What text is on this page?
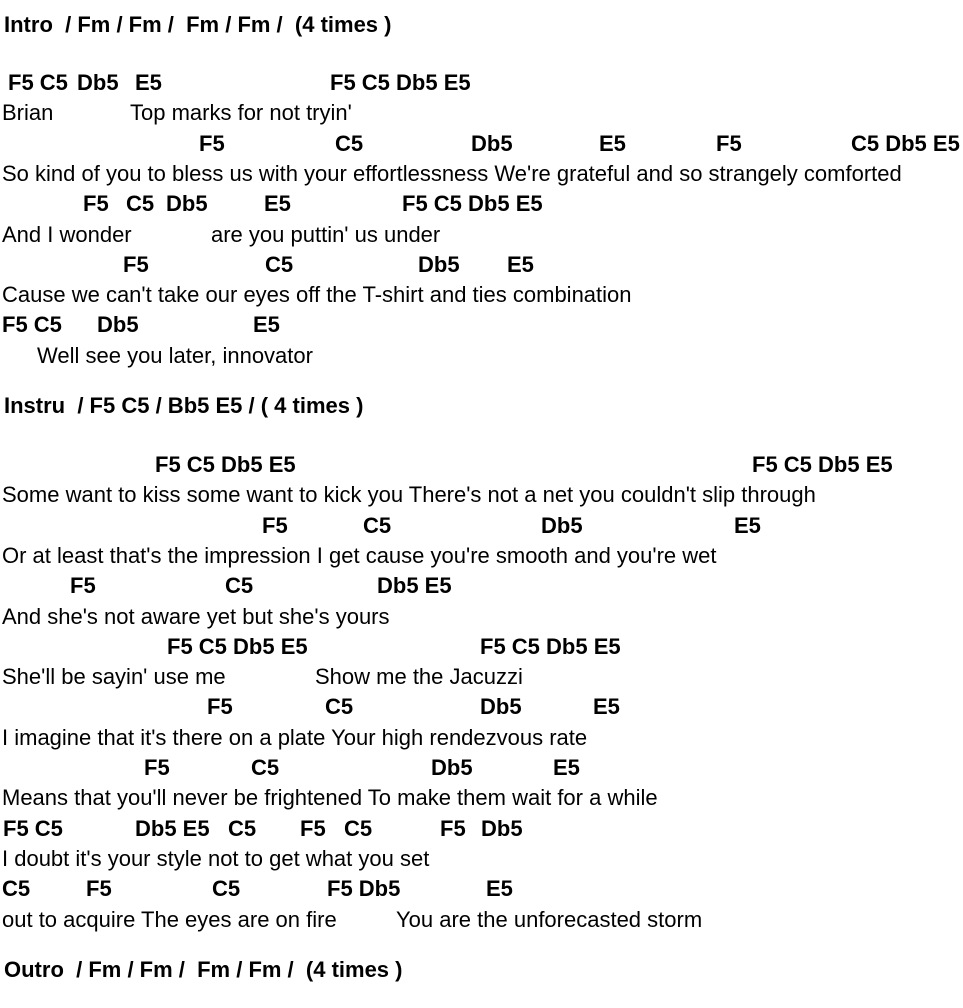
Intro  / Fm / Fm /  Fm / Fm /  (4 times )
F5 C5 Db5 E5	F5 C5 Db5 E5
Brian	Top marks for not tryin'
F5	C5	Db5	E5	F5	C5 Db5 E5
So kind of you to bless us with your effortlessness We're grateful and so strangely comforted
F5 C5 Db5	E5	F5 C5 Db5 E5
And I wonder	are you puttin' us under
F5	C5	Db5 E5
Cause we can't take our eyes off the T-shirt and ties combination
F5 C5 Db5	E5
Well see you later, innovator
Instru  / F5 C5 / Bb5 E5 / ( 4 times )
F5 C5 Db5 E5	F5 C5 Db5 E5
Some want to kiss some want to kick you There's not a net you couldn't slip through
F5	C5	Db5	E5
Or at least that's the impression I get cause you're smooth and you're wet
F5	C5	Db5 E5
And she's not aware yet but she's yours
F5 C5 Db5 E5	F5 C5 Db5 E5
She'll be sayin' use me	Show me the Jacuzzi
F5	C5	Db5	E5
I imagine that it's there on a plate Your high rendezvous rate
F5	C5	Db5	E5
Means that you'll never be frightened To make them wait for a while
F5 C5	Db5 E5 C5 F5 C5	F5 Db5
I doubt it's your style not to get what you set
C5	F5	C5	F5 Db5	E5
out to acquire The eyes are on fire	You are the unforecasted storm
Outro  / Fm / Fm /  Fm / Fm /  (4 times )
